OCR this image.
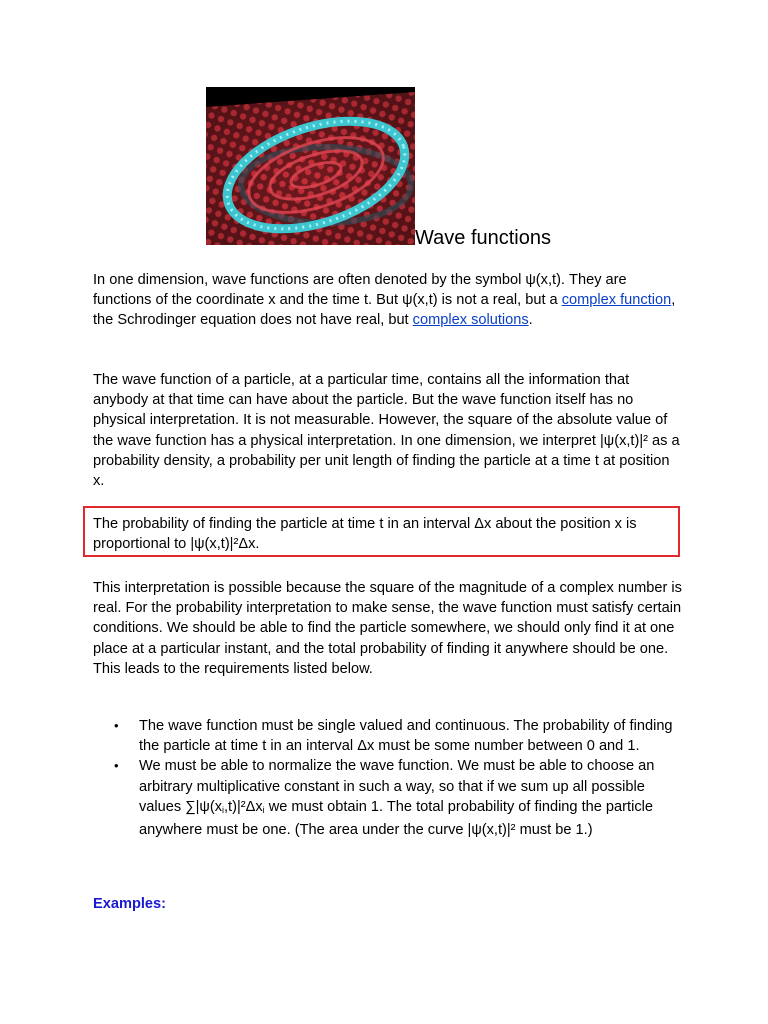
Wave functions

In one dimension, wave functions are often denoted by the symbol ψ(x,t). They are functions of the coordinate x and the time t. But ψ(x,t) is not a real, but a complex function, the Schrodinger equation does not have real, but complex solutions.

The wave function of a particle, at a particular time, contains all the information that anybody at that time can have about the particle. But the wave function itself has no physical interpretation. It is not measurable. However, the square of the absolute value of the wave function has a physical interpretation. In one dimension, we interpret |ψ(x,t)|² as a probability density, a probability per unit length of finding the particle at a time t at position x.

The probability of finding the particle at time t in an interval Δx about the position x is proportional to |ψ(x,t)|²Δx.

This interpretation is possible because the square of the magnitude of a complex number is real. For the probability interpretation to make sense, the wave function must satisfy certain conditions. We should be able to find the particle somewhere, we should only find it at one place at a particular instant, and the total probability of finding it anywhere should be one. This leads to the requirements listed below.

• The wave function must be single valued and continuous. The probability of finding the particle at time t in an interval Δx must be some number between 0 and 1.
• We must be able to normalize the wave function. We must be able to choose an arbitrary multiplicative constant in such a way, so that if we sum up all possible values $\sum|\psi(x_i,t)|^2\Delta x_i$ we must obtain 1. The total probability of finding the particle anywhere must be one. (The area under the curve |ψ(x,t)|² must be 1.)
Examples:
